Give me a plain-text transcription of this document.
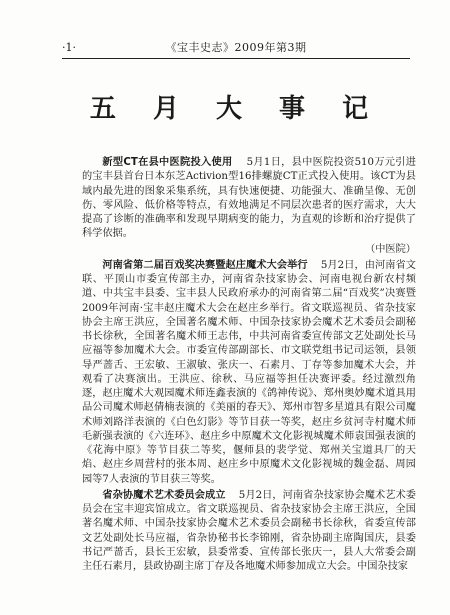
·1·	《宝丰史志》2009年第3期
五 月 大 事 记

新型CT在县中医院投入使用 5月1日，县中医院投资510万元引进的宝丰县首台日本东芝Activion型16排螺旋CT正式投入使用。该CT为县域内最先进的图象采集系统，具有快速便捷、功能强大、准确呈像、无创伤、零风险、低价格等特点，有效地满足不同层次患者的医疗需求，大大提高了诊断的准确率和发现早期病变的能力，为直观的诊断和治疗提供了科学依据。
（中医院）

河南省第二届百戏奖决赛暨赵庄魔术大会举行 5月2日，由河南省文联、平顶山市委宣传部主办，河南省杂技家协会、河南电视台新农村频道、中共宝丰县委、宝丰县人民政府承办的河南省第二届“百戏奖”决赛暨2009年河南·宝丰赵庄魔术大会在赵庄乡举行。省文联巡视员、省杂技家协会主席王洪应，全国著名魔术师、中国杂技家协会魔术艺术委员会副秘书长徐秋，全国著名魔术师王志伟，中共河南省委宣传部文艺处副处长马应福等参加魔术大会。市委宣传部副部长、市文联党组书记司运领，县领导严蔷舌、王宏敏、王淑敏、张庆一、石素月、丁存等参加魔术大会，并观看了决赛演出。王洪应、徐秋、马应福等担任决赛评委。经过激烈角逐，赵庄魔术大观园魔术师连鑫表演的《鸽神传说》、郑州奥妙魔术道具用品公司魔术师赵倩楠表演的《美丽的春天》、郑州市智多星道具有限公司魔术师刘路洋表演的《白色幻影》等节目获一等奖，赵庄乡贫河寺村魔术师毛新强表演的《六连环》、赵庄乡中原魔术文化影视城魔术师袁国强表演的《花海中原》等节目获二等奖，偃师县的裴学觉、郑州关宝道具厂的天焰、赵庄乡周营村的张本周、赵庄乡中原魔术文化影视城的魏金磊、周园园等7人表演的节目获三等奖。

省杂协魔术艺术委员会成立 5月2日，河南省杂技家协会魔术艺术委员会在宝丰迎宾馆成立。省文联巡视员、省杂技家协会主席王洪应，全国著名魔术师、中国杂技家协会魔术艺术委员会副秘书长徐秋，省委宣传部文艺处副处长马应福，省杂协秘书长李锦刚，省杂协副主席陶国庆，县委书记严蔷舌，县长王宏敏，县委常委、宣传部长张庆一，县人大常委会副主任石素月，县政协副主席丁存及各地魔术师参加成立大会。中国杂技家
